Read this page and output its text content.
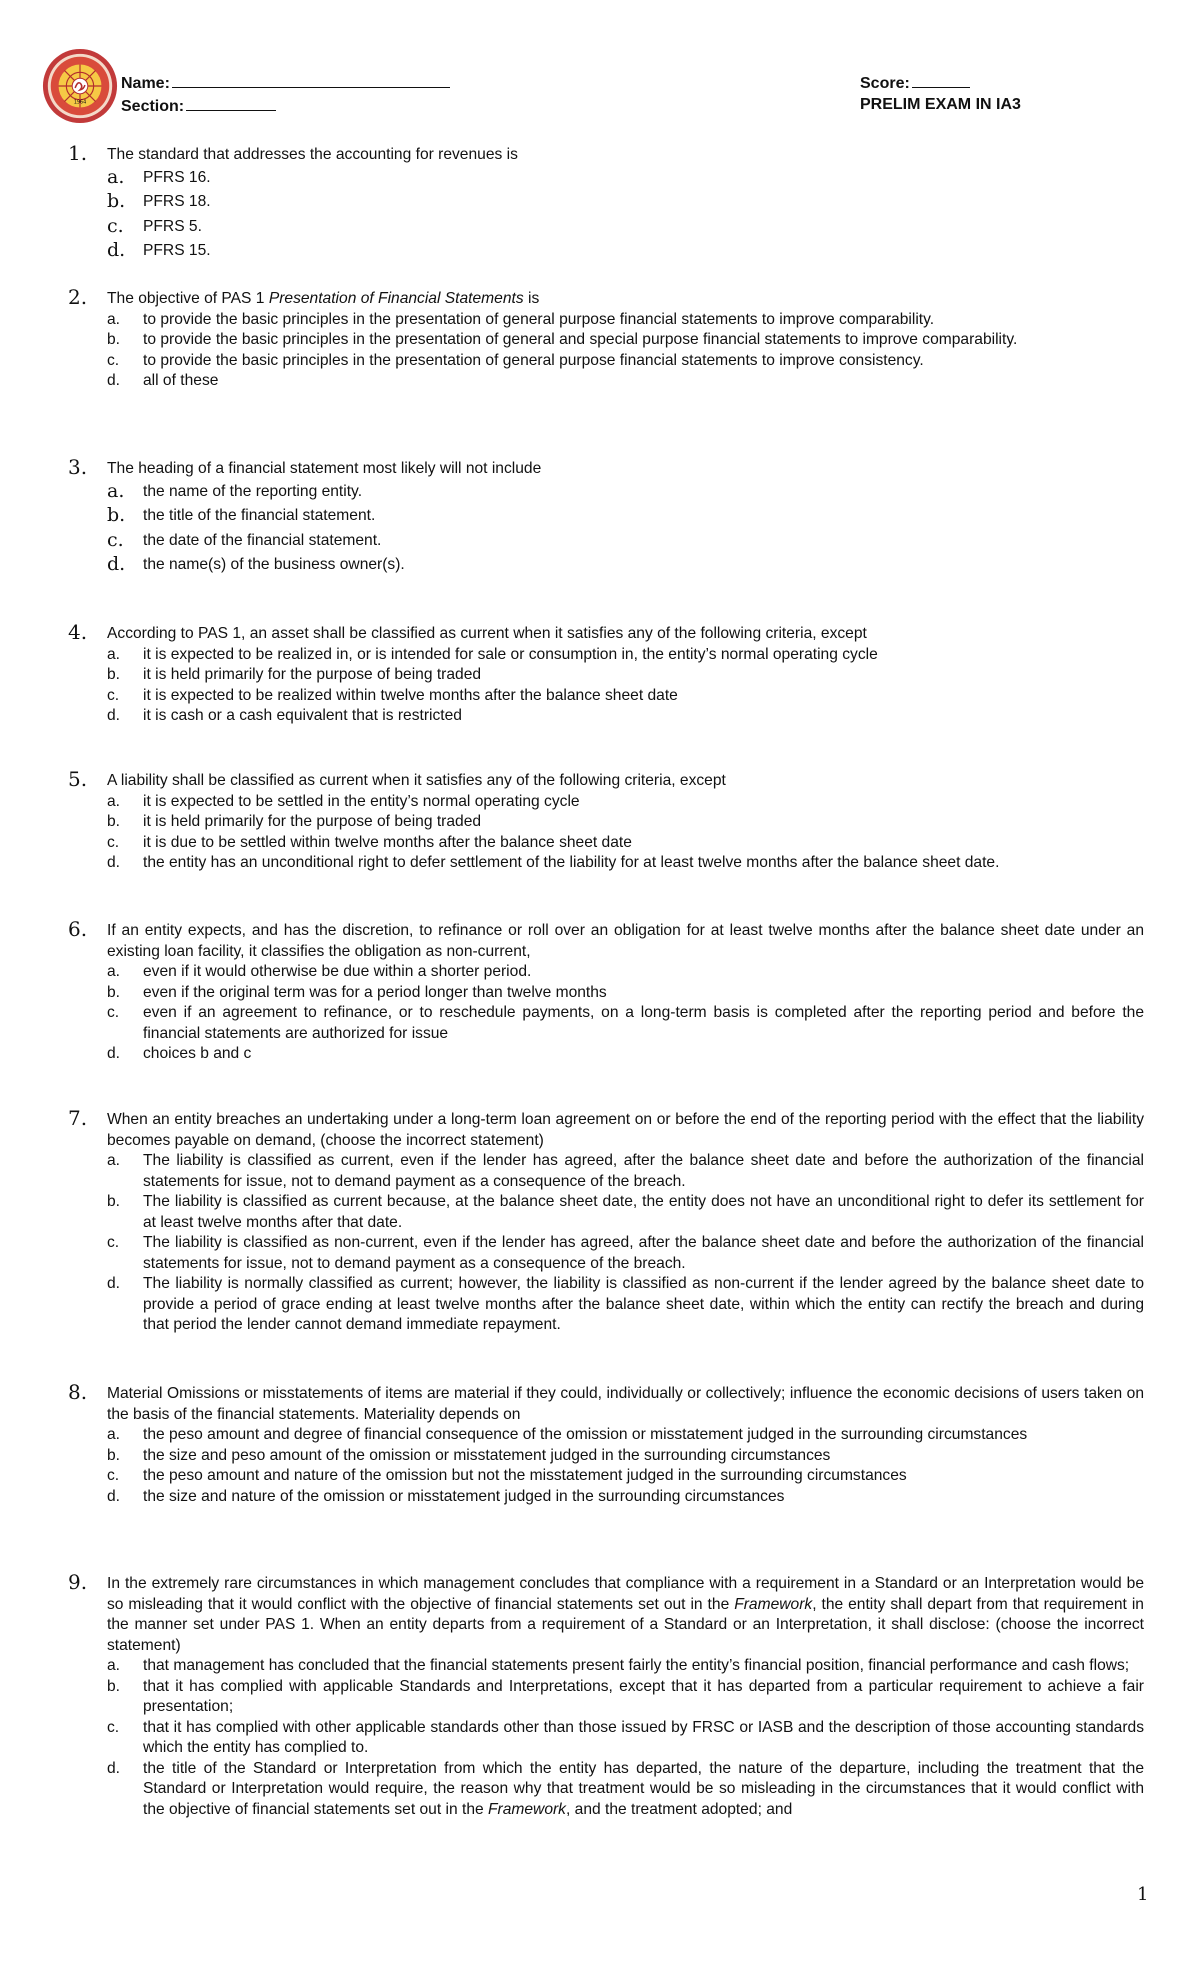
1964
Name:
Section:
Score:
PRELIM EXAM IN IA3
1. The standard that addresses the accounting for revenues is
a. PFRS 16.
b. PFRS 18.
c. PFRS 5.
d. PFRS 15.
2. The objective of PAS 1 Presentation of Financial Statements is
a. to provide the basic principles in the presentation of general purpose financial statements to improve comparability.
b. to provide the basic principles in the presentation of general and special purpose financial statements to improve comparability.
c. to provide the basic principles in the presentation of general purpose financial statements to improve consistency.
d. all of these
3. The heading of a financial statement most likely will not include
a. the name of the reporting entity.
b. the title of the financial statement.
c. the date of the financial statement.
d. the name(s) of the business owner(s).
4. According to PAS 1, an asset shall be classified as current when it satisfies any of the following criteria, except
a. it is expected to be realized in, or is intended for sale or consumption in, the entity’s normal operating cycle
b. it is held primarily for the purpose of being traded
c. it is expected to be realized within twelve months after the balance sheet date
d. it is cash or a cash equivalent that is restricted
5. A liability shall be classified as current when it satisfies any of the following criteria, except
a. it is expected to be settled in the entity’s normal operating cycle
b. it is held primarily for the purpose of being traded
c. it is due to be settled within twelve months after the balance sheet date
d. the entity has an unconditional right to defer settlement of the liability for at least twelve months after the balance sheet date.
6. If an entity expects, and has the discretion, to refinance or roll over an obligation for at least twelve months after the balance sheet date under an existing loan facility, it classifies the obligation as non-current,
a. even if it would otherwise be due within a shorter period.
b. even if the original term was for a period longer than twelve months
c. even if an agreement to refinance, or to reschedule payments, on a long-term basis is completed after the reporting period and before the financial statements are authorized for issue
d. choices b and c
7. When an entity breaches an undertaking under a long-term loan agreement on or before the end of the reporting period with the effect that the liability becomes payable on demand, (choose the incorrect statement)
a. The liability is classified as current, even if the lender has agreed, after the balance sheet date and before the authorization of the financial statements for issue, not to demand payment as a consequence of the breach.
b. The liability is classified as current because, at the balance sheet date, the entity does not have an unconditional right to defer its settlement for at least twelve months after that date.
c. The liability is classified as non-current, even if the lender has agreed, after the balance sheet date and before the authorization of the financial statements for issue, not to demand payment as a consequence of the breach.
d. The liability is normally classified as current; however, the liability is classified as non-current if the lender agreed by the balance sheet date to provide a period of grace ending at least twelve months after the balance sheet date, within which the entity can rectify the breach and during that period the lender cannot demand immediate repayment.
8. Material Omissions or misstatements of items are material if they could, individually or collectively; influence the economic decisions of users taken on the basis of the financial statements. Materiality depends on
a. the peso amount and degree of financial consequence of the omission or misstatement judged in the surrounding circumstances
b. the size and peso amount of the omission or misstatement judged in the surrounding circumstances
c. the peso amount and nature of the omission but not the misstatement judged in the surrounding circumstances
d. the size and nature of the omission or misstatement judged in the surrounding circumstances
9. In the extremely rare circumstances in which management concludes that compliance with a requirement in a Standard or an Interpretation would be so misleading that it would conflict with the objective of financial statements set out in the Framework, the entity shall depart from that requirement in the manner set under PAS 1. When an entity departs from a requirement of a Standard or an Interpretation, it shall disclose: (choose the incorrect statement)
a. that management has concluded that the financial statements present fairly the entity’s financial position, financial performance and cash flows;
b. that it has complied with applicable Standards and Interpretations, except that it has departed from a particular requirement to achieve a fair presentation;
c. that it has complied with other applicable standards other than those issued by FRSC or IASB and the description of those accounting standards which the entity has complied to.
d. the title of the Standard or Interpretation from which the entity has departed, the nature of the departure, including the treatment that the Standard or Interpretation would require, the reason why that treatment would be so misleading in the circumstances that it would conflict with the objective of financial statements set out in the Framework, and the treatment adopted; and
1
